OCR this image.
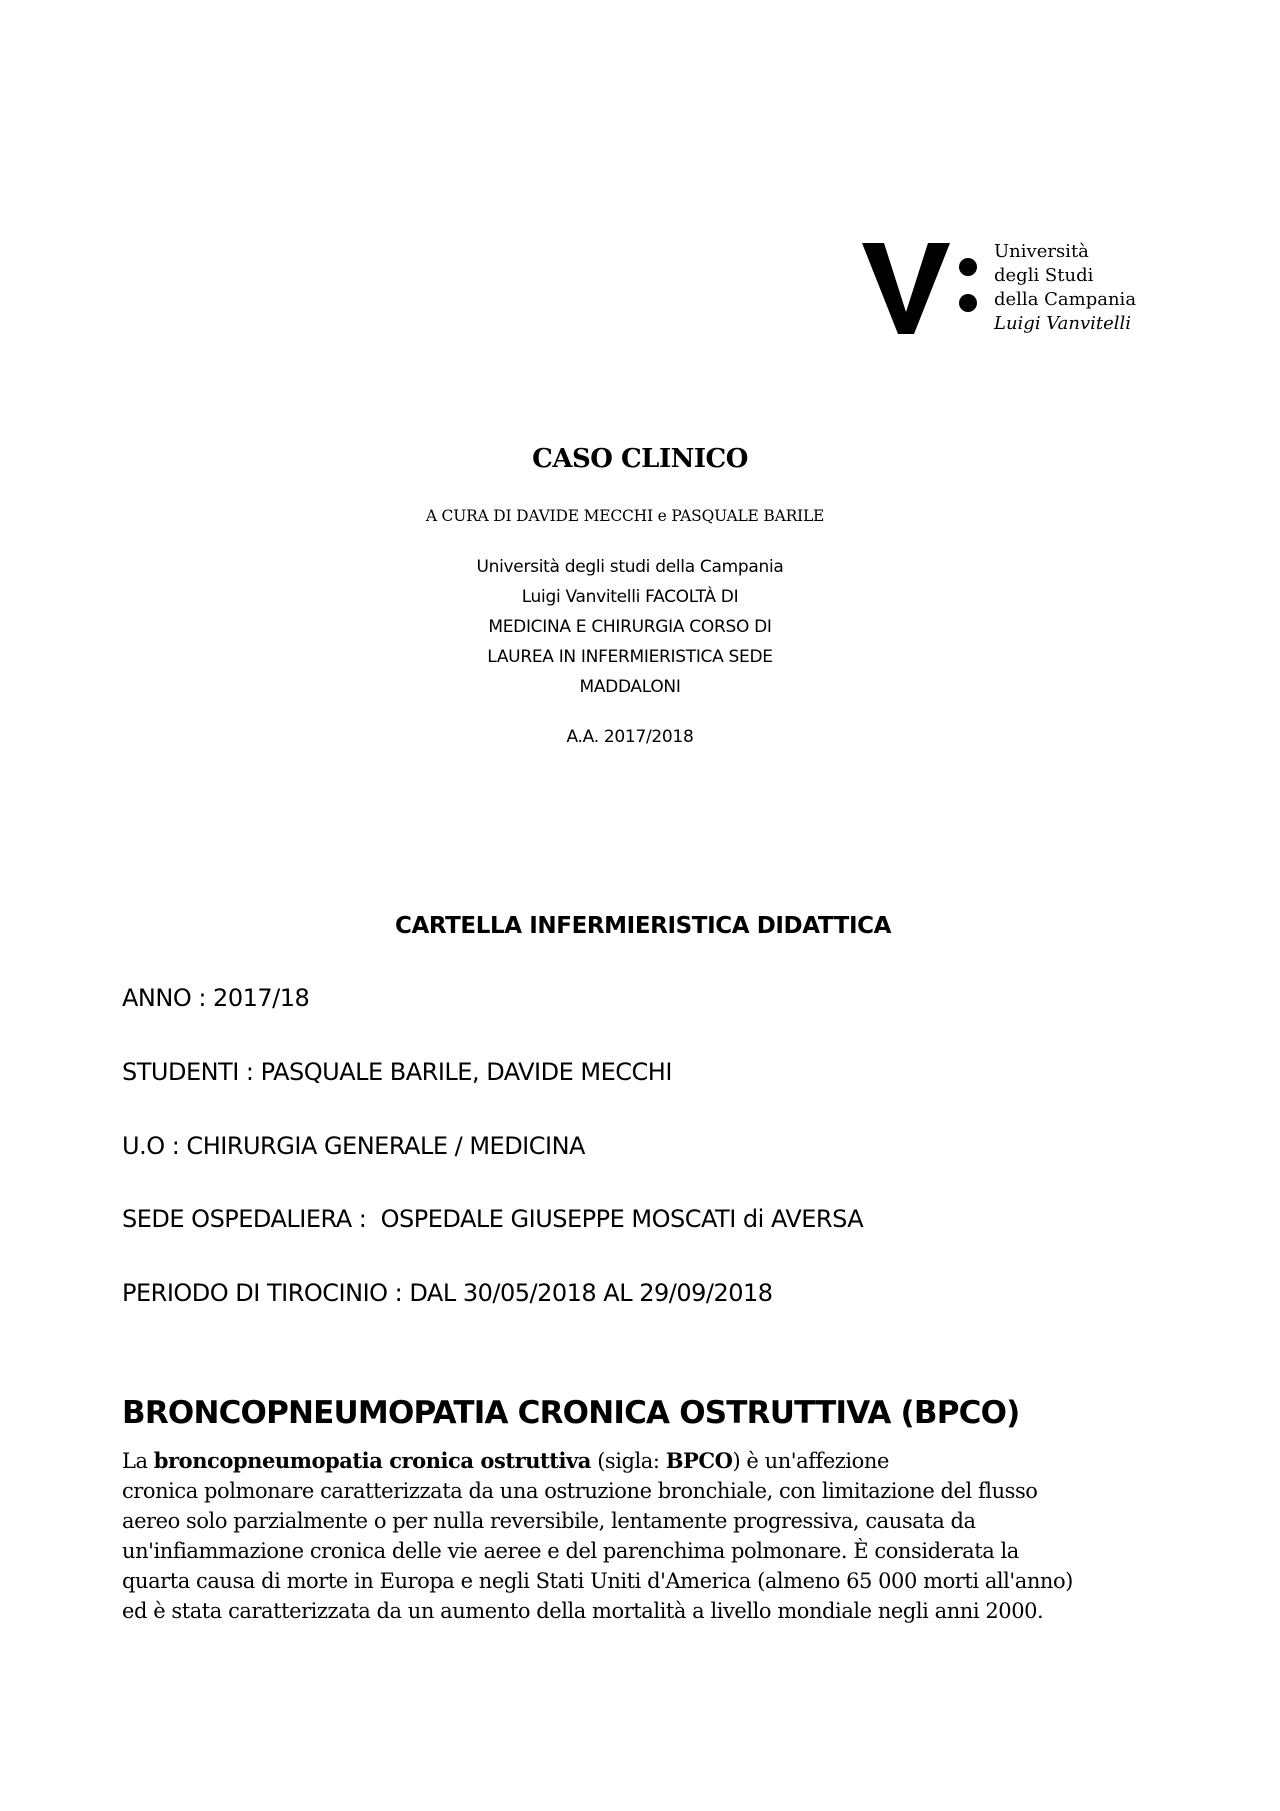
Università
degli Studi
della Campania
Luigi Vanvitelli
CASO CLINICO
A CURA DI DAVIDE MECCHI e PASQUALE BARILE
Università degli studi della Campania
Luigi Vanvitelli FACOLTÀ DI
MEDICINA E CHIRURGIA CORSO DI
LAUREA IN INFERMIERISTICA SEDE
MADDALONI
A.A. 2017/2018
CARTELLA INFERMIERISTICA DIDATTICA
ANNO : 2017/18
STUDENTI : PASQUALE BARILE, DAVIDE MECCHI
U.O : CHIRURGIA GENERALE / MEDICINA
SEDE OSPEDALIERA :  OSPEDALE GIUSEPPE MOSCATI di AVERSA
PERIODO DI TIROCINIO : DAL 30/05/2018 AL 29/09/2018
BRONCOPNEUMOPATIA CRONICA OSTRUTTIVA (BPCO)
La broncopneumopatia cronica ostruttiva (sigla: BPCO) è un'affezione
cronica polmonare caratterizzata da una ostruzione bronchiale, con limitazione del flusso
aereo solo parzialmente o per nulla reversibile, lentamente progressiva, causata da
un'infiammazione cronica delle vie aeree e del parenchima polmonare. È considerata la
quarta causa di morte in Europa e negli Stati Uniti d'America (almeno 65 000 morti all'anno)
ed è stata caratterizzata da un aumento della mortalità a livello mondiale negli anni 2000.
